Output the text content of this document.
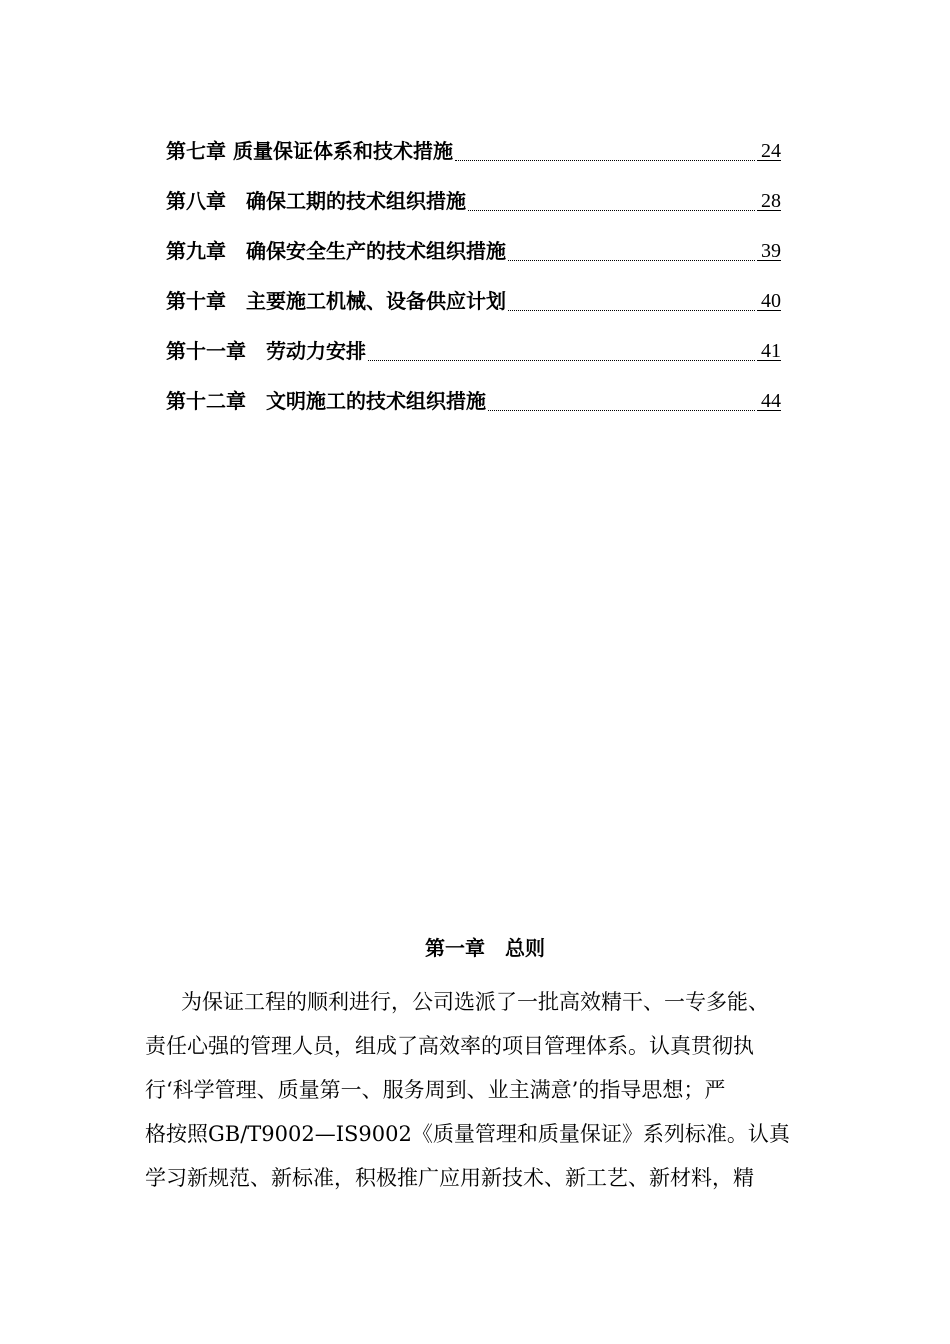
第七章 质量保证体系和技术措施	24
第八章　确保工期的技术组织措施	28
第九章　确保安全生产的技术组织措施	39
第十章　主要施工机械、设备供应计划	40
第十一章　劳动力安排	41
第十二章　文明施工的技术组织措施	44
第一章　总则
为保证工程的顺利进行，公司选派了一批高效精干、一专多能、
责任心强的管理人员，组成了高效率的项目管理体系。认真贯彻执
行‘科学管理、质量第一、服务周到、业主满意’的指导思想；严
格按照GB/T9002—IS9002《质量管理和质量保证》系列标准。认真
学习新规范、新标准，积极推广应用新技术、新工艺、新材料，精
